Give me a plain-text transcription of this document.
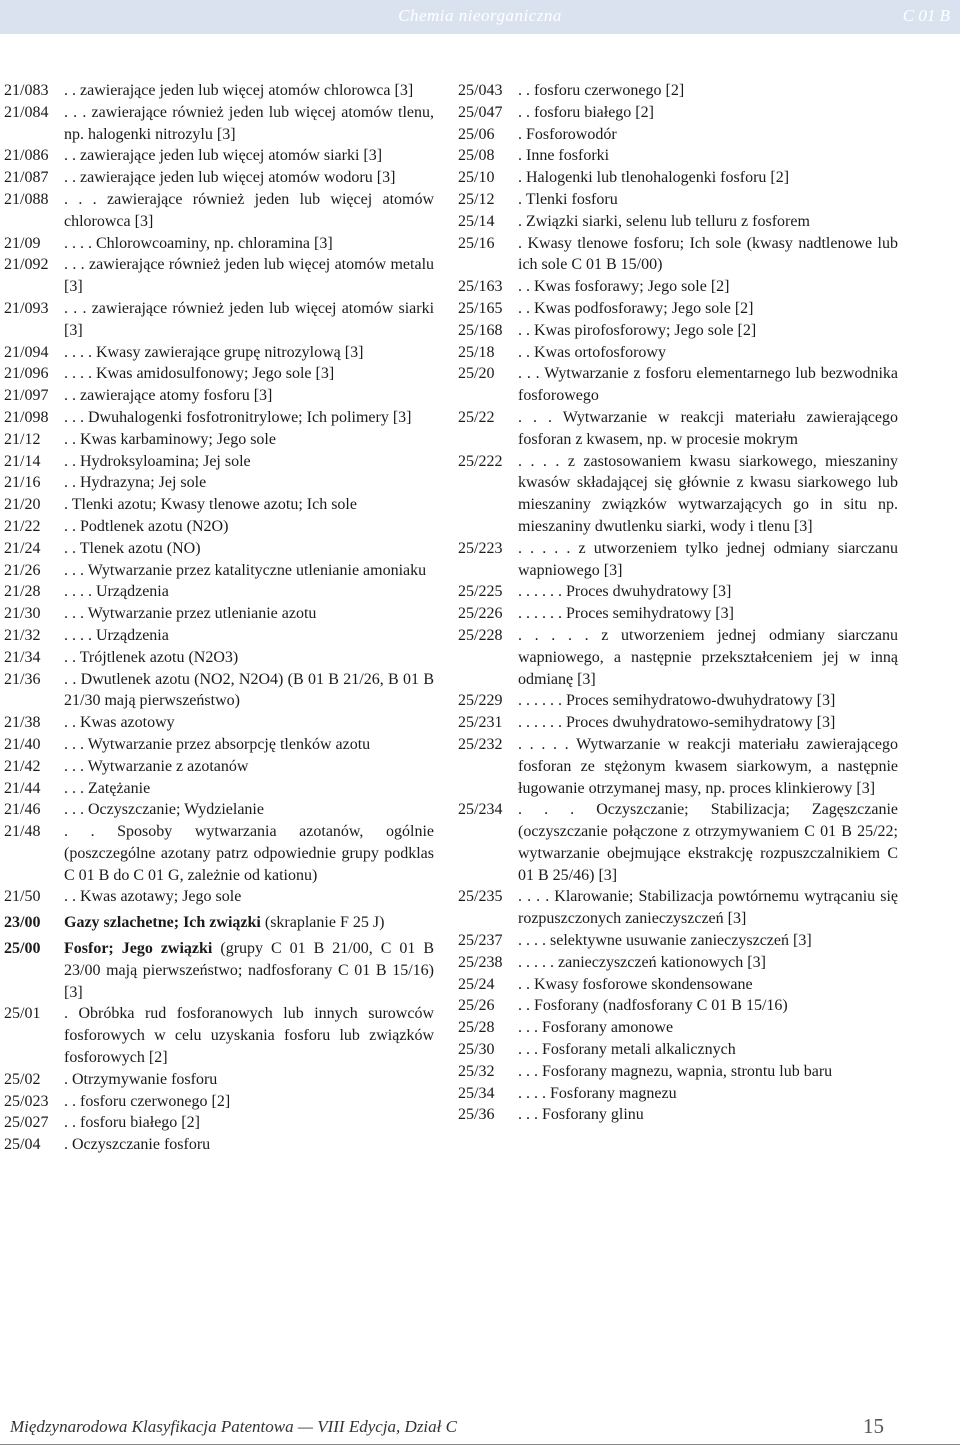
Chemia nieorganiczna	C 01 B
21/083 . . zawierające jeden lub więcej atomów chlorowca [3]
21/084 . . . zawierające również jeden lub więcej atomów tlenu, np. halogenki nitrozylu [3]
21/086 . . zawierające jeden lub więcej atomów siarki [3]
21/087 . . zawierające jeden lub więcej atomów wodoru [3]
21/088 . . . zawierające również jeden lub więcej atomów chlorowca [3]
21/09	. . . . Chlorowcoaminy, np. chloramina [3]
21/092 . . . zawierające również jeden lub więcej atomów metalu [3]
21/093 . . . zawierające również jeden lub więcej atomów siarki [3]
21/094 . . . . Kwasy zawierające grupę nitrozylową [3]
21/096 . . . . Kwas amidosulfonowy; Jego sole [3]
21/097 . . zawierające atomy fosforu [3]
21/098 . . . Dwuhalogenki fosfotronitrylowe; Ich polimery [3]
21/12	. . Kwas karbaminowy; Jego sole
21/14	. . Hydroksyloamina; Jej sole
21/16	. . Hydrazyna; Jej sole
21/20	. Tlenki azotu; Kwasy tlenowe azotu; Ich sole
21/22	. . Podtlenek azotu (N2O)
21/24	. . Tlenek azotu (NO)
21/26	. . . Wytwarzanie przez katalityczne utlenianie amoniaku
21/28	. . . . Urządzenia
21/30	. . . Wytwarzanie przez utlenianie azotu
21/32	. . . . Urządzenia
21/34	. . Trójtlenek azotu (N2O3)
21/36	. . Dwutlenek azotu (NO2, N2O4) (B 01 B 21/26, B 01 B 21/30 mają pierwszeństwo)
21/38	. . Kwas azotowy
21/40	. . . Wytwarzanie przez absorpcję tlenków azotu
21/42	. . . Wytwarzanie z azotanów
21/44	. . . Zatężanie
21/46	. . . Oczyszczanie; Wydzielanie
21/48	. . Sposoby wytwarzania azotanów, ogólnie (poszczególne azotany patrz odpowiednie grupy podklas C 01 B do C 01 G, zależnie od kationu)
21/50	. . Kwas azotawy; Jego sole
23/00	Gazy szlachetne; Ich związki (skraplanie F 25 J)
25/00	Fosfor; Jego związki (grupy C 01 B 21/00, C 01 B 23/00 mają pierwszeństwo; nadfosforany C 01 B 15/16) [3]
25/01	. Obróbka rud fosforanowych lub innych surowców fosforowych w celu uzyskania fosforu lub związków fosforowych [2]
25/02	. Otrzymywanie fosforu
25/023 . . fosforu czerwonego [2]
25/027 . . fosforu białego [2]
25/04	. Oczyszczanie fosforu
25/043 . . fosforu czerwonego [2]
25/047 . . fosforu białego [2]
25/06	. Fosforowodór
25/08	. Inne fosforki
25/10	. Halogenki lub tlenohalogenki fosforu [2]
25/12	. Tlenki fosforu
25/14	. Związki siarki, selenu lub telluru z fosforem
25/16	. Kwasy tlenowe fosforu; Ich sole (kwasy nadtlenowe lub ich sole C 01 B 15/00)
25/163 . . Kwas fosforawy; Jego sole [2]
25/165 . . Kwas podfosforawy; Jego sole [2]
25/168 . . Kwas pirofosforowy; Jego sole [2]
25/18	. . Kwas ortofosforowy
25/20	. . . Wytwarzanie z fosforu elementarnego lub bezwodnika fosforowego
25/22	. . . Wytwarzanie w reakcji materiału zawierającego fosforan z kwasem, np. w procesie mokrym
25/222 . . . . z zastosowaniem kwasu siarkowego, mieszaniny kwasów składającej się głównie z kwasu siarkowego lub mieszaniny związków wytwarzających go in situ np. mieszaniny dwutlenku siarki, wody i tlenu [3]
25/223 . . . . . z utworzeniem tylko jednej odmiany siarczanu wapniowego [3]
25/225 . . . . . . Proces dwuhydratowy [3]
25/226 . . . . . . Proces semihydratowy [3]
25/228 . . . . . z utworzeniem jednej odmiany siarczanu wapniowego, a następnie przekształceniem jej w inną odmianę [3]
25/229 . . . . . . Proces semihydratowo-dwuhydratowy [3]
25/231 . . . . . . Proces dwuhydratowo-semihydratowy [3]
25/232 . . . . . Wytwarzanie w reakcji materiału zawierającego fosforan ze stężonym kwasem siarkowym, a następnie ługowanie otrzymanej masy, np. proces klinkierowy [3]
25/234 . . . Oczyszczanie; Stabilizacja; Zagęszczanie (oczyszczanie połączone z otrzymywaniem C 01 B 25/22; wytwarzanie obejmujące ekstrakcję rozpuszczalnikiem C 01 B 25/46) [3]
25/235 . . . . Klarowanie; Stabilizacja powtórnemu wytrącaniu się rozpuszczonych zanieczyszczeń [3]
25/237 . . . . selektywne usuwanie zanieczyszczeń [3]
25/238 . . . . . zanieczyszczeń kationowych [3]
25/24	. . Kwasy fosforowe skondensowane
25/26	. . Fosforany (nadfosforany C 01 B 15/16)
25/28	. . . Fosforany amonowe
25/30	. . . Fosforany metali alkalicznych
25/32	. . . Fosforany magnezu, wapnia, strontu lub baru
25/34	. . . . Fosforany magnezu
25/36	. . . Fosforany glinu
Międzynarodowa Klasyfikacja Patentowa — VIII Edycja, Dział C	15
